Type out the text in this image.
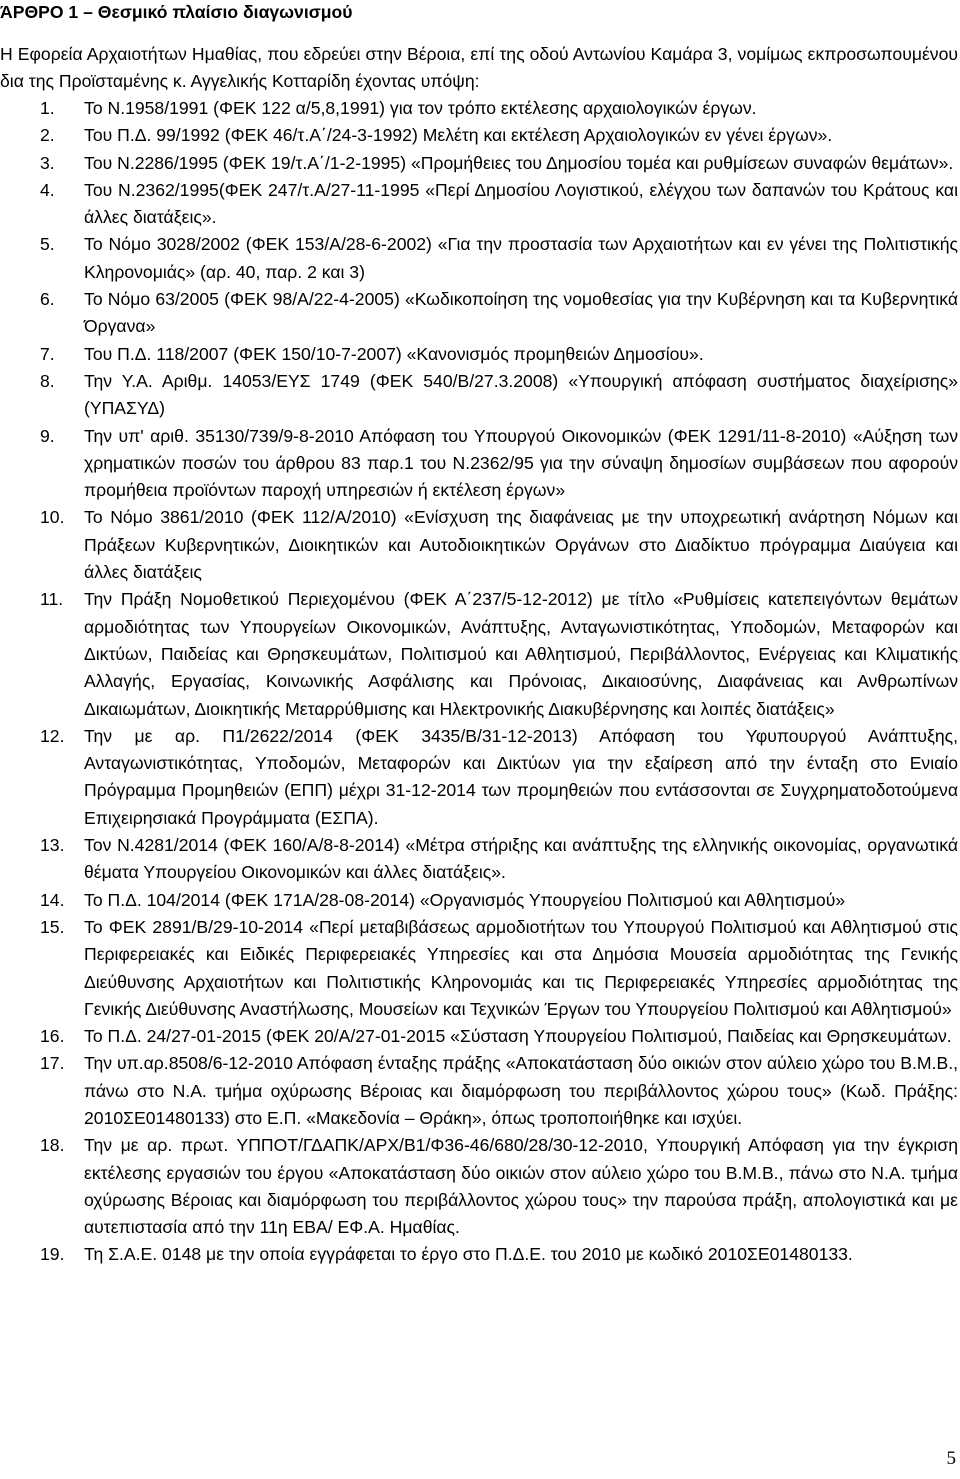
ΆΡΘΡΟ 1 – Θεσμικό πλαίσιο διαγωνισμού
Η Εφορεία Αρχαιοτήτων Ημαθίας, που εδρεύει στην Βέροια, επί της οδού Αντωνίου Καμάρα 3, νομίμως εκπροσωπουμένου δια της Προϊσταμένης κ. Αγγελικής Κοτταρίδη έχοντας υπόψη:
1. Το Ν.1958/1991 (ΦΕΚ 122 α/5,8,1991) για τον τρόπο εκτέλεσης αρχαιολογικών έργων.
2. Του Π.Δ. 99/1992 (ΦΕΚ 46/τ.Α΄/24-3-1992) Μελέτη και εκτέλεση Αρχαιολογικών εν γένει έργων».
3. Του Ν.2286/1995 (ΦΕΚ 19/τ.Α΄/1-2-1995) «Προμήθειες του Δημοσίου τομέα και ρυθμίσεων συναφών θεμάτων».
4. Του Ν.2362/1995(ΦΕΚ 247/τ.Α/27-11-1995 «Περί Δημοσίου Λογιστικού, ελέγχου των δαπανών του Κράτους και άλλες διατάξεις».
5. Το Νόμο 3028/2002 (ΦΕΚ 153/Α/28-6-2002) «Για την προστασία των Αρχαιοτήτων και εν γένει της Πολιτιστικής Κληρονομιάς» (αρ. 40, παρ. 2 και 3)
6. Το Νόμο 63/2005 (ΦΕΚ 98/Α/22-4-2005) «Κωδικοποίηση της νομοθεσίας για την Κυβέρνηση και τα Κυβερνητικά Όργανα»
7. Του Π.Δ. 118/2007 (ΦΕΚ 150/10-7-2007) «Κανονισμός προμηθειών Δημοσίου».
8. Την Υ.Α. Αριθμ. 14053/ΕΥΣ 1749 (ΦΕΚ 540/Β/27.3.2008) «Υπουργική απόφαση συστήματος διαχείρισης» (ΥΠΑΣΥΔ)
9. Την υπ' αριθ. 35130/739/9-8-2010 Απόφαση του Υπουργού Οικονομικών (ΦΕΚ 1291/11-8-2010) «Αύξηση των χρηματικών ποσών του άρθρου 83 παρ.1 του Ν.2362/95 για την σύναψη δημοσίων συμβάσεων που αφορούν προμήθεια προϊόντων παροχή υπηρεσιών ή εκτέλεση έργων»
10. Το Νόμο 3861/2010 (ΦΕΚ 112/Α/2010) «Ενίσχυση της διαφάνειας με την υποχρεωτική ανάρτηση Νόμων και Πράξεων Κυβερνητικών, Διοικητικών και Αυτοδιοικητικών Οργάνων στο Διαδίκτυο πρόγραμμα Διαύγεια και άλλες διατάξεις
11. Την Πράξη Νομοθετικού Περιεχομένου (ΦΕΚ Α΄237/5-12-2012) με τίτλο «Ρυθμίσεις κατεπειγόντων θεμάτων αρμοδιότητας των Υπουργείων Οικονομικών, Ανάπτυξης, Ανταγωνιστικότητας, Υποδομών, Μεταφορών και Δικτύων, Παιδείας και Θρησκευμάτων, Πολιτισμού και Αθλητισμού, Περιβάλλοντος, Ενέργειας και Κλιματικής Αλλαγής, Εργασίας, Κοινωνικής Ασφάλισης και Πρόνοιας, Δικαιοσύνης, Διαφάνειας και Ανθρωπίνων Δικαιωμάτων, Διοικητικής Μεταρρύθμισης και Ηλεκτρονικής Διακυβέρνησης και λοιπές διατάξεις»
12. Την με αρ. Π1/2622/2014 (ΦΕΚ 3435/Β/31-12-2013) Απόφαση του Υφυπουργού Ανάπτυξης, Ανταγωνιστικότητας, Υποδομών, Μεταφορών και Δικτύων για την εξαίρεση από την ένταξη στο Ενιαίο Πρόγραμμα Προμηθειών (ΕΠΠ) μέχρι 31-12-2014 των προμηθειών που εντάσσονται σε Συγχρηματοδοτούμενα Επιχειρησιακά Προγράμματα (ΕΣΠΑ).
13. Τον Ν.4281/2014 (ΦΕΚ 160/Α/8-8-2014) «Μέτρα στήριξης και ανάπτυξης της ελληνικής οικονομίας, οργανωτικά θέματα Υπουργείου Οικονομικών και άλλες διατάξεις».
14. Το Π.Δ. 104/2014 (ΦΕΚ 171Α/28-08-2014) «Οργανισμός Υπουργείου Πολιτισμού και Αθλητισμού»
15. Το ΦΕΚ 2891/Β/29-10-2014 «Περί μεταβιβάσεως αρμοδιοτήτων του Υπουργού Πολιτισμού και Αθλητισμού στις Περιφερειακές και Ειδικές Περιφερειακές Υπηρεσίες και στα Δημόσια Μουσεία αρμοδιότητας της Γενικής Διεύθυνσης Αρχαιοτήτων και Πολιτιστικής Κληρονομιάς και τις Περιφερειακές Υπηρεσίες αρμοδιότητας της Γενικής Διεύθυνσης Αναστήλωσης, Μουσείων και Τεχνικών Έργων του Υπουργείου Πολιτισμού και Αθλητισμού»
16. Το Π.Δ. 24/27-01-2015 (ΦΕΚ 20/Α/27-01-2015 «Σύσταση Υπουργείου Πολιτισμού, Παιδείας και Θρησκευμάτων.
17. Την υπ.αρ.8508/6-12-2010 Απόφαση ένταξης πράξης «Αποκατάσταση δύο οικιών στον αύλειο χώρο του Β.Μ.Β., πάνω στο Ν.Α. τμήμα οχύρωσης Βέροιας και διαμόρφωση του περιβάλλοντος χώρου τους» (Κωδ. Πράξης: 2010ΣΕ01480133) στο Ε.Π. «Μακεδονία – Θράκη», όπως τροποποιήθηκε και ισχύει.
18. Την με αρ. πρωτ. ΥΠΠΟΤ/ΓΔΑΠΚ/ΑΡΧ/Β1/Φ36-46/680/28/30-12-2010, Υπουργική Απόφαση για την έγκριση εκτέλεσης εργασιών του έργου «Αποκατάσταση δύο οικιών στον αύλειο χώρο του Β.Μ.Β., πάνω στο Ν.Α. τμήμα οχύρωσης Βέροιας και διαμόρφωση του περιβάλλοντος χώρου τους» την παρούσα πράξη, απολογιστικά και με αυτεπιστασία από την 11η ΕΒΑ/ ΕΦ.Α. Ημαθίας.
19. Τη Σ.Α.Ε. 0148 με την οποία εγγράφεται το έργο στο Π.Δ.Ε. του 2010 με κωδικό 2010ΣΕ01480133.
5
